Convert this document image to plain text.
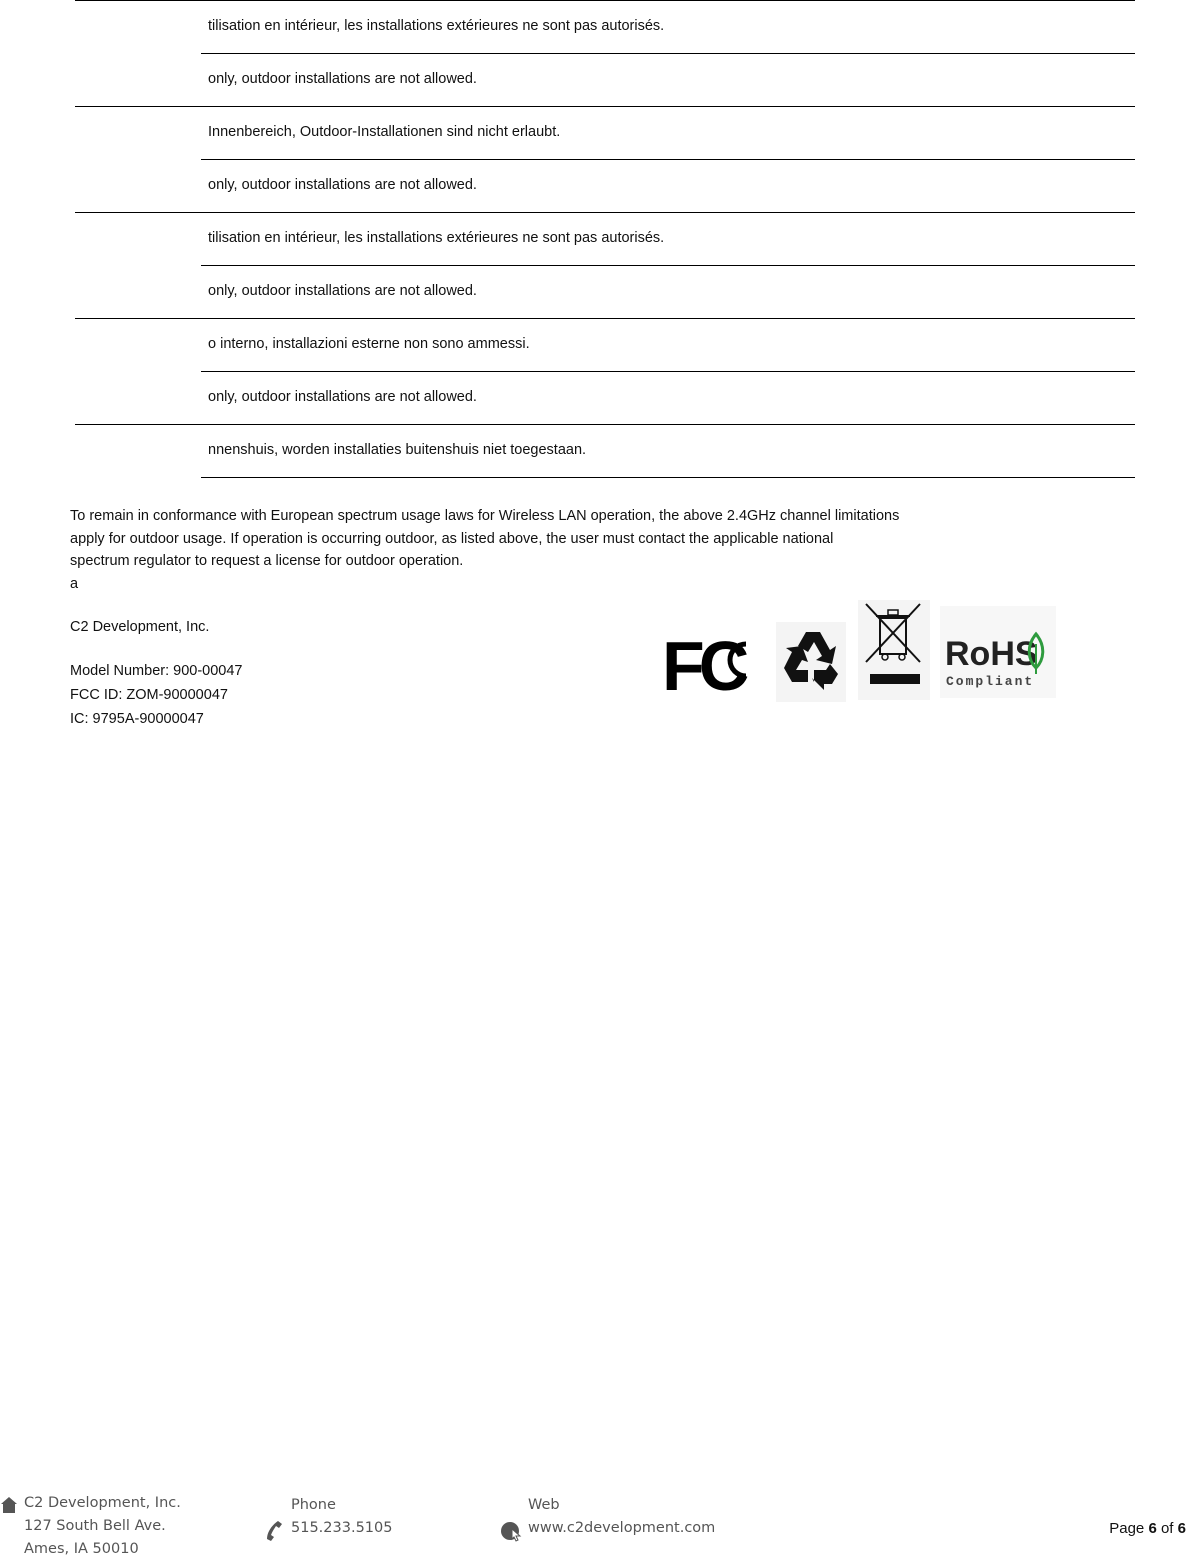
tilisation en intérieur, les installations extérieures ne sont pas autorisés.
only, outdoor installations are not allowed.
Innenbereich, Outdoor-Installationen sind nicht erlaubt.
only, outdoor installations are not allowed.
tilisation en intérieur, les installations extérieures ne sont pas autorisés.
only, outdoor installations are not allowed.
o interno, installazioni esterne non sono ammessi.
only, outdoor installations are not allowed.
nnenshuis, worden installaties buitenshuis niet toegestaan.
To remain in conformance with European spectrum usage laws for Wireless LAN operation, the above 2.4GHz channel limitations
apply for outdoor usage. If operation is occurring outdoor, as listed above, the user must contact the applicable national
spectrum regulator to request a license for outdoor operation.
a
C2 Development, Inc.
Model Number: 900-00047
FCC ID: ZOM-90000047
IC: 9795A-90000047
FC	RoHS
Compliant
C2 Development, Inc.
127 South Bell Ave.
Ames, IA 50010
Phone
515.233.5105
Web
www.c2development.com	Page 6 of 6
